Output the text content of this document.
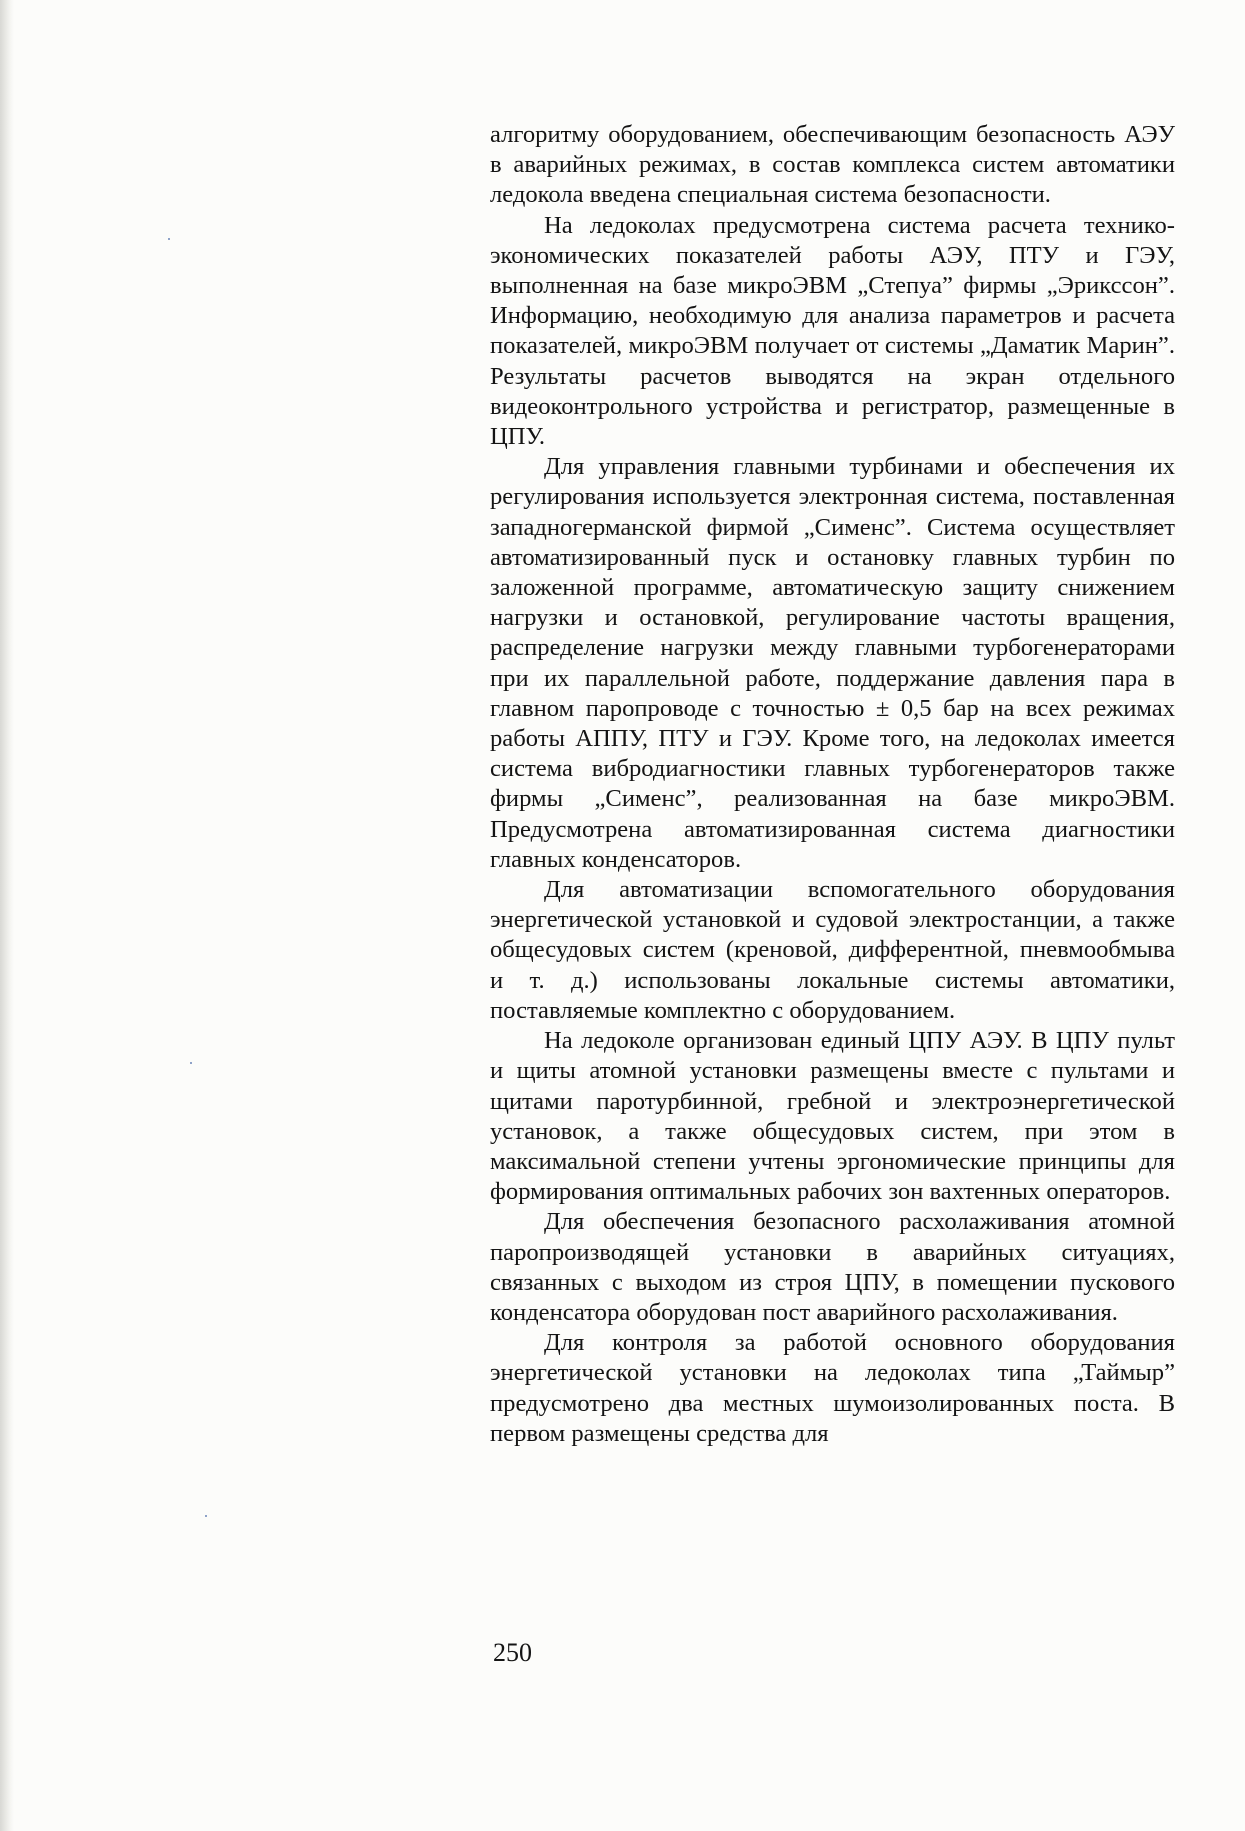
алгоритму оборудованием, обеспечивающим безопасность АЭУ в аварийных режимах, в состав комплекса систем автоматики ледокола введена специальная система безопасности.

На ледоколах предусмотрена система расчета технико-экономических показателей работы АЭУ, ПТУ и ГЭУ, выполненная на базе микроЭВМ „Степуа” фирмы „Эрикссон”. Информацию, необходимую для анализа параметров и расчета показателей, микроЭВМ получает от системы „Даматик Марин”. Результаты расчетов выводятся на экран отдельного видеоконтрольного устройства и регистратор, размещенные в ЦПУ.

Для управления главными турбинами и обеспечения их регулирования используется электронная система, поставленная западногерманской фирмой „Сименс”. Система осуществляет автоматизированный пуск и остановку главных турбин по заложенной программе, автоматическую защиту снижением нагрузки и остановкой, регулирование частоты вращения, распределение нагрузки между главными турбогенераторами при их параллельной работе, поддержание давления пара в главном паропроводе с точностью ± 0,5 бар на всех режимах работы АППУ, ПТУ и ГЭУ. Кроме того, на ледоколах имеется система вибродиагностики главных турбогенераторов также фирмы „Сименс”, реализованная на базе микроЭВМ. Предусмотрена автоматизированная система диагностики главных конденсаторов.

Для автоматизации вспомогательного оборудования энергетической установкой и судовой электростанции, а также общесудовых систем (креновой, дифферентной, пневмообмыва и т. д.) использованы локальные системы автоматики, поставляемые комплектно с оборудованием.

На ледоколе организован единый ЦПУ АЭУ. В ЦПУ пульт и щиты атомной установки размещены вместе с пультами и щитами паротурбинной, гребной и электроэнергетической установок, а также общесудовых систем, при этом в максимальной степени учтены эргономические принципы для формирования оптимальных рабочих зон вахтенных операторов.

Для обеспечения безопасного расхолаживания атомной паропроизводящей установки в аварийных ситуациях, связанных с выходом из строя ЦПУ, в помещении пускового конденсатора оборудован пост аварийного расхолаживания.

Для контроля за работой основного оборудования энергетической установки на ледоколах типа „Таймыр” предусмотрено два местных шумоизолированных поста. В первом размещены средства для

250
